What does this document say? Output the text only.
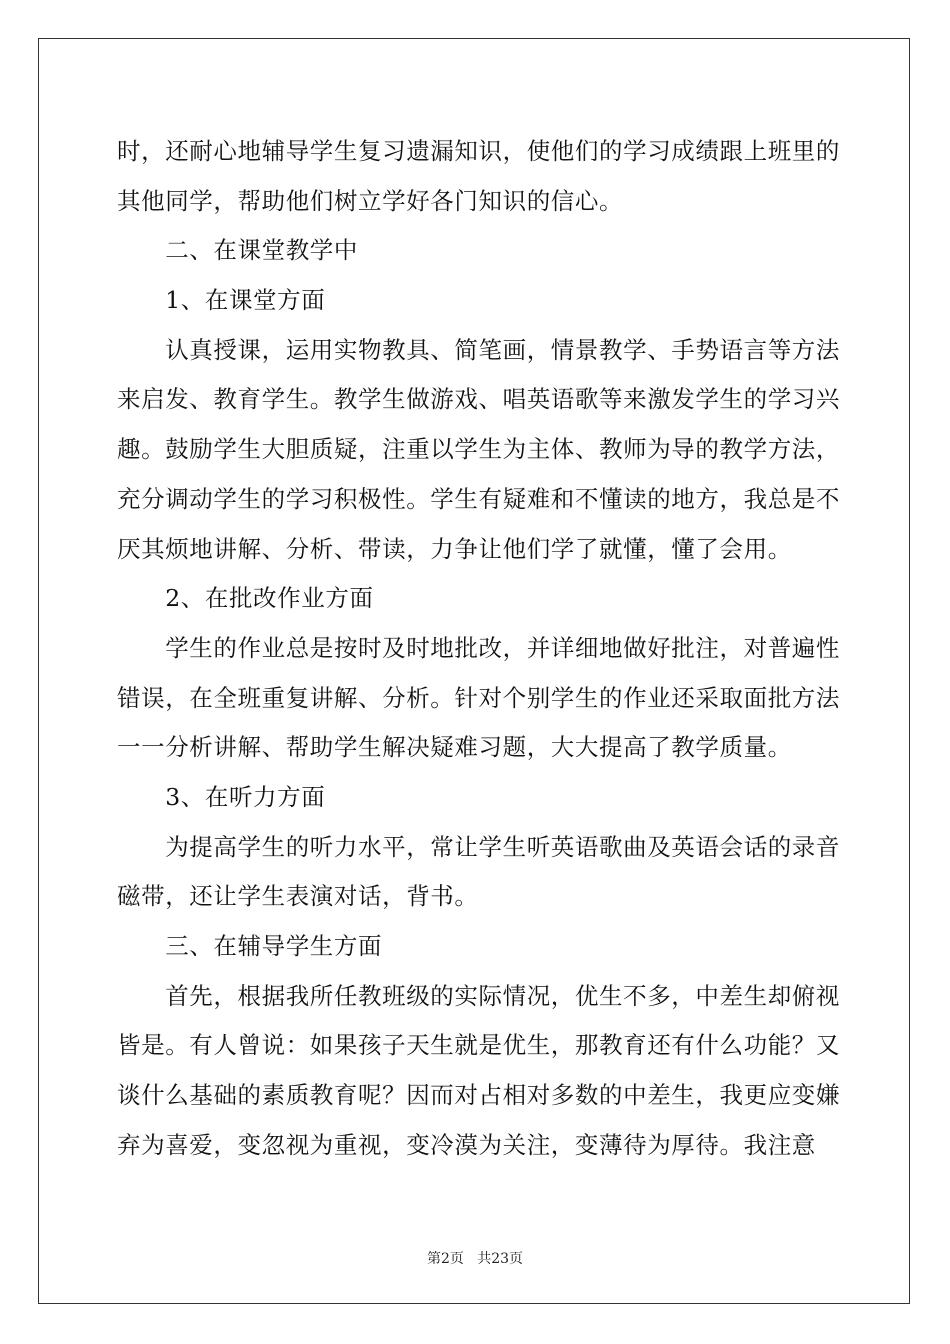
时，还耐心地辅导学生复习遗漏知识，使他们的学习成绩跟上班里的
其他同学，帮助他们树立学好各门知识的信心。
　　二、在课堂教学中
　　1、在课堂方面
　　认真授课，运用实物教具、简笔画，情景教学、手势语言等方法
来启发、教育学生。教学生做游戏、唱英语歌等来激发学生的学习兴
趣。鼓励学生大胆质疑，注重以学生为主体、教师为导的教学方法，
充分调动学生的学习积极性。学生有疑难和不懂读的地方，我总是不
厌其烦地讲解、分析、带读，力争让他们学了就懂，懂了会用。
　　2、在批改作业方面
　　学生的作业总是按时及时地批改，并详细地做好批注，对普遍性
错误，在全班重复讲解、分析。针对个别学生的作业还采取面批方法
一一分析讲解、帮助学生解决疑难习题，大大提高了教学质量。
　　3、在听力方面
　　为提高学生的听力水平，常让学生听英语歌曲及英语会话的录音
磁带，还让学生表演对话，背书。
　　三、在辅导学生方面
　　首先，根据我所任教班级的实际情况，优生不多，中差生却俯视
皆是。有人曾说：如果孩子天生就是优生，那教育还有什么功能？又
谈什么基础的素质教育呢？因而对占相对多数的中差生，我更应变嫌
弃为喜爱，变忽视为重视，变冷漠为关注，变薄待为厚待。我注意
第2页   共23页
